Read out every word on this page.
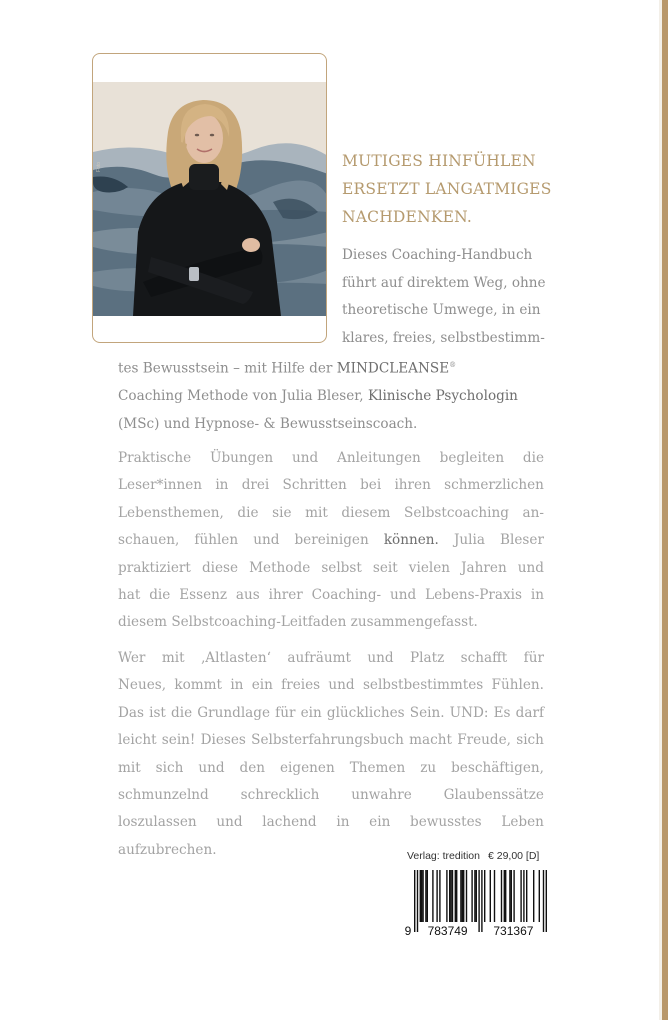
Foto	MUTIGES HINFÜHLEN
ERSETZT LANGATMIGES
NACHDENKEN.
Dieses Coaching-Handbuch
führt auf direktem Weg, ohne
theoretische Umwege, in ein
klares, freies, selbstbestimm-
tes Bewusstsein – mit Hilfe der MINDCLEANSE®
Coaching Methode von Julia Bleser, Klinische Psychologin
(MSc) und Hypnose- & Bewusstseinscoach.
Praktische Übungen und Anleitungen begleiten die
Leser*innen in drei Schritten bei ihren schmerzlichen
Lebensthemen, die sie mit diesem Selbstcoaching an-
schauen, fühlen und bereinigen können. Julia Bleser
praktiziert diese Methode selbst seit vielen Jahren und
hat die Essenz aus ihrer Coaching- und Lebens-Praxis in
diesem Selbstcoaching-Leitfaden zusammengefasst.
Wer mit ‚Altlasten‘ aufräumt und Platz schafft für
Neues, kommt in ein freies und selbstbestimmtes Fühlen.
Das ist die Grundlage für ein glückliches Sein. UND: Es darf
leicht sein! Dieses Selbsterfahrungsbuch macht Freude, sich
mit sich und den eigenen Themen zu beschäftigen,
schmunzelnd schrecklich unwahre Glaubenssätze
loszulassen und lachend in ein bewusstes Leben
aufzubrechen.	Verlag: tredition € 29,00 [D]
9 783749 731367
